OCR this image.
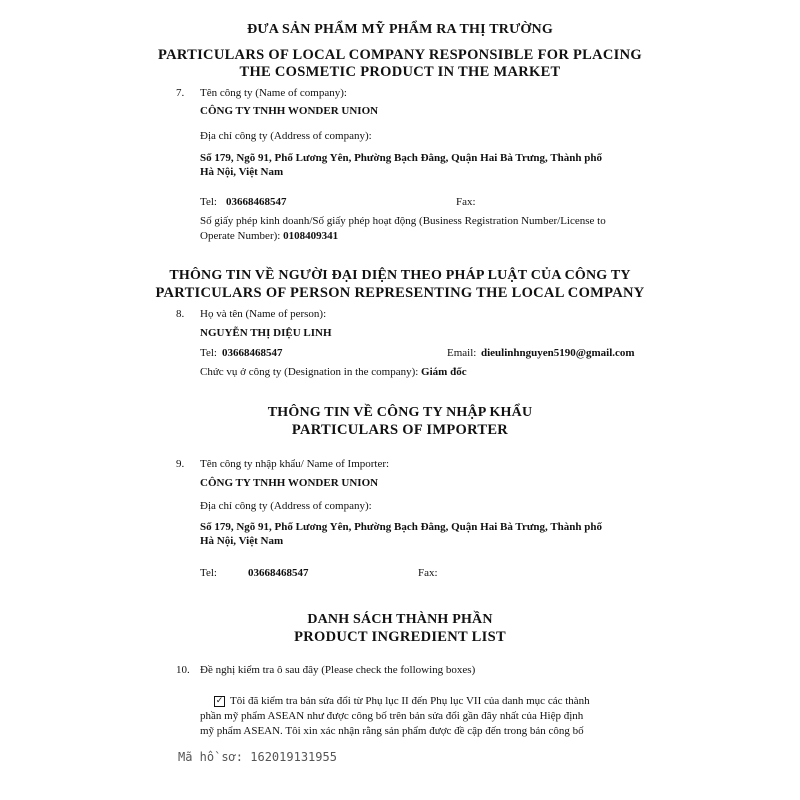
ĐƯA SẢN PHẨM MỸ PHẨM RA THỊ TRƯỜNG
PARTICULARS OF LOCAL COMPANY RESPONSIBLE FOR PLACING
THE COSMETIC PRODUCT IN THE MARKET
7. Tên công ty (Name of company):
CÔNG TY TNHH WONDER UNION
Địa chỉ công ty (Address of company):
Số 179, Ngõ 91, Phố Lương Yên, Phường Bạch Đằng, Quận Hai Bà Trưng, Thành phố
Hà Nội, Việt Nam
Tel: 03668468547	Fax:
Số giấy phép kinh doanh/Số giấy phép hoạt động (Business Registration Number/License to
Operate Number): 0108409341
THÔNG TIN VỀ NGƯỜI ĐẠI DIỆN THEO PHÁP LUẬT CỦA CÔNG TY
PARTICULARS OF PERSON REPRESENTING THE LOCAL COMPANY
8. Họ và tên (Name of person):
NGUYỄN THỊ DIỆU LINH
Tel: 03668468547	Email: dieulinhnguyen5190@gmail.com
Chức vụ ở công ty (Designation in the company): Giám đốc
THÔNG TIN VỀ CÔNG TY NHẬP KHẨU
PARTICULARS OF IMPORTER
9. Tên công ty nhập khẩu/ Name of Importer:
CÔNG TY TNHH WONDER UNION
Địa chỉ công ty (Address of company):
Số 179, Ngõ 91, Phố Lương Yên, Phường Bạch Đằng, Quận Hai Bà Trưng, Thành phố
Hà Nội, Việt Nam
Tel:	03668468547	Fax:
DANH SÁCH THÀNH PHẦN
PRODUCT INGREDIENT LIST
10. Đề nghị kiểm tra ô sau đây (Please check the following boxes)
✓ Tôi đã kiểm tra bản sửa đổi từ Phụ lục II đến Phụ lục VII của danh mục các thành
phần mỹ phẩm ASEAN như được công bố trên bản sửa đổi gần đây nhất của Hiệp định
mỹ phẩm ASEAN. Tôi xin xác nhận rằng sản phẩm được đề cập đến trong bản công bố
Mã hồ sơ: 162019131955
